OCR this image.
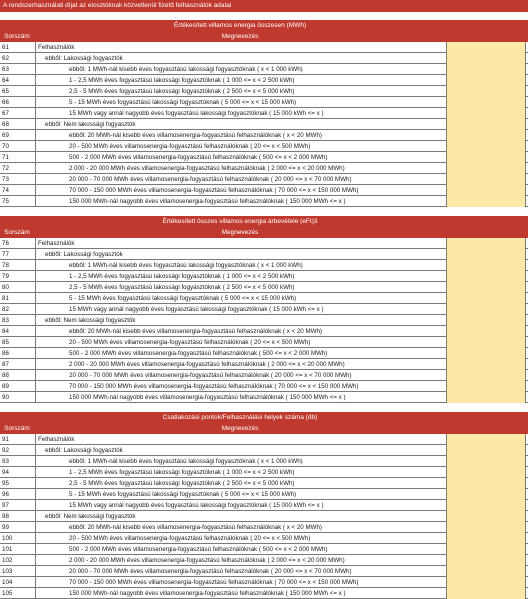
A rendszerhasználati díjat az elosztóknak közvetlenül fizető felhasználók adatai
Értékesített villamos energia összesen (MWh)
Sorszám	Megnevezés
61	Felhasználók
62	ebből: Lakossági fogyasztók
63	ebből: 1 MWh-nál kisebb éves fogyasztású lakossági fogyasztóknak ( x < 1 000 kWh)
64	1 - 2,5 MWh éves fogyasztású lakossági fogyasztóknak ( 1 000 <= x < 2 500 kWh)
65	2,5 - 5 MWh éves fogyasztású lakossági fogyasztóknak ( 2 500 <= x < 5 000 kWh)
66	5 - 15 MWh éves fogyasztású lakossági fogyasztóknak ( 5 000 <= x < 15 000 kWh)
67	15 MWh vagy annál nagyobb éves fogyasztású lakossági fogyasztóknak ( 15 000 kWh <= x )
68	ebből: Nem lakossági fogyasztók
69	ebből: 20 MWh-nál kisebb éves villamosenergia-fogyasztású felhasználóknak ( x < 20 MWh)
70	20 - 500 MWh éves villamosenergia-fogyasztású felhasználóknak ( 20 <= x < 500 MWh)
71	500 - 2 000 MWh éves villamosenergia-fogyasztású felhasználóknak ( 500 <= x < 2 000 MWh)
72	2 000 - 20 000 MWh éves villamosenergia-fogyasztású felhasználóknak ( 2 000 <= x < 20 000 MWh)
73	20 000 - 70 000 MWh éves villamosenergia-fogyasztású felhasználóknak ( 20 000 <= x < 70 000 MWh)
74	70 000 - 150 000 MWh éves villamosenergia-fogyasztású felhasználóknak ( 70 000 <= x < 150 000 MWh)
75	150 000 MWh-nál nagyobb éves villamosenergia-fogyasztású felhasználóknak ( 150 000 MWh <= x )
Értékesített összes villamos energia árbevétele (eFt)3
Sorszám	Megnevezés
76	Felhasználók
77	ebből: Lakossági fogyasztók
78	ebből: 1 MWh-nál kisebb éves fogyasztású lakossági fogyasztóknak ( x < 1 000 kWh)
79	1 - 2,5 MWh éves fogyasztású lakossági fogyasztóknak ( 1 000 <= x < 2 500 kWh)
80	2,5 - 5 MWh éves fogyasztású lakossági fogyasztóknak ( 2 500 <= x < 5 000 kWh)
81	5 - 15 MWh éves fogyasztású lakossági fogyasztóknak ( 5 000 <= x < 15 000 kWh)
82	15 MWh vagy annál nagyobb éves fogyasztású lakossági fogyasztóknak ( 15 000 kWh <= x )
83	ebből: Nem lakossági fogyasztók
84	ebből: 20 MWh-nál kisebb éves villamosenergia-fogyasztású felhasználóknak ( x < 20 MWh)
85	20 - 500 MWh éves villamosenergia-fogyasztású felhasználóknak ( 20 <= x < 500 MWh)
86	500 - 2 000 MWh éves villamosenergia-fogyasztású felhasználóknak ( 500 <= x < 2 000 MWh)
87	2 000 - 20 000 MWh éves villamosenergia-fogyasztású felhasználóknak ( 2 000 <= x < 20 000 MWh)
88	20 000 - 70 000 MWh éves villamosenergia-fogyasztású felhasználóknak ( 20 000 <= x < 70 000 MWh)
89	70 000 - 150 000 MWh éves villamosenergia-fogyasztású felhasználóknak ( 70 000 <= x < 150 000 MWh)
90	150 000 MWh-nál nagyobb éves villamosenergia-fogyasztású felhasználóknak ( 150 000 MWh <= x )
Csatlakozási pontok/Felhasználási helyek száma (db)
Sorszám	Megnevezés
91	Felhasználók
92	ebből: Lakossági fogyasztók
93	ebből: 1 MWh-nál kisebb éves fogyasztású lakossági fogyasztóknak ( x < 1 000 kWh)
94	1 - 2,5 MWh éves fogyasztású lakossági fogyasztóknak ( 1 000 <= x < 2 500 kWh)
95	2,5 - 5 MWh éves fogyasztású lakossági fogyasztóknak ( 2 500 <= x < 5 000 kWh)
96	5 - 15 MWh éves fogyasztású lakossági fogyasztóknak ( 5 000 <= x < 15 000 kWh)
97	15 MWh vagy annál nagyobb éves fogyasztású lakossági fogyasztóknak ( 15 000 kWh <= x )
98	ebből: Nem lakossági fogyasztók
99	ebből: 20 MWh-nál kisebb éves villamosenergia-fogyasztású felhasználóknak ( x < 20 MWh)
100	20 - 500 MWh éves villamosenergia-fogyasztású felhasználóknak ( 20 <= x < 500 MWh)
101	500 - 2 000 MWh éves villamosenergia-fogyasztású felhasználóknak ( 500 <= x < 2 000 MWh)
102	2 000 - 20 000 MWh éves villamosenergia-fogyasztású felhasználóknak ( 2 000 <= x < 20 000 MWh)
103	20 000 - 70 000 MWh éves villamosenergia-fogyasztású felhasználóknak ( 20 000 <= x < 70 000 MWh)
104	70 000 - 150 000 MWh éves villamosenergia-fogyasztású felhasználóknak ( 70 000 <= x < 150 000 MWh)
105	150 000 MWh-nál nagyobb éves villamosenergia-fogyasztású felhasználóknak ( 150 000 MWh <= x )
